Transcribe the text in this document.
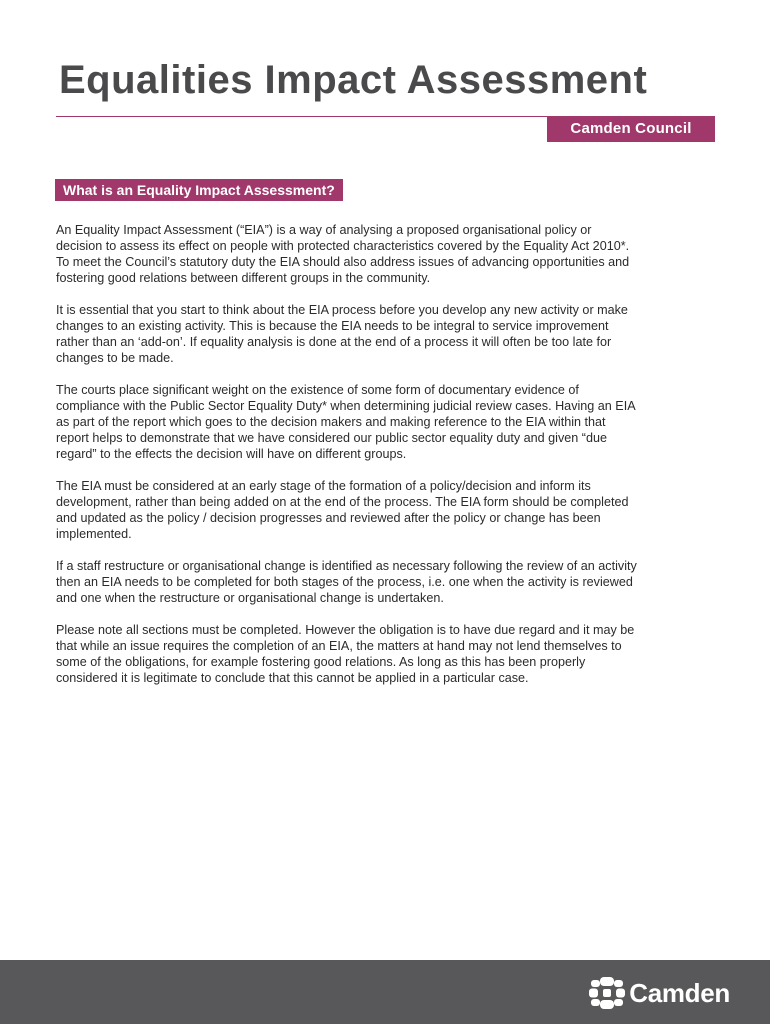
Equalities Impact Assessment
Camden Council
What is an Equality Impact Assessment?

An Equality Impact Assessment (“EIA”) is a way of analysing a proposed organisational policy or decision to assess its effect on people with protected characteristics covered by the Equality Act 2010*. To meet the Council’s statutory duty the EIA should also address issues of advancing opportunities and fostering good relations between different groups in the community.

It is essential that you start to think about the EIA process before you develop any new activity or make changes to an existing activity. This is because the EIA needs to be integral to service improvement rather than an ‘add-on’. If equality analysis is done at the end of a process it will often be too late for changes to be made.

The courts place significant weight on the existence of some form of documentary evidence of compliance with the Public Sector Equality Duty* when determining judicial review cases. Having an EIA as part of the report which goes to the decision makers and making reference to the EIA within that report helps to demonstrate that we have considered our public sector equality duty and given “due regard” to the effects the decision will have on different groups.

The EIA must be considered at an early stage of the formation of a policy/decision and inform its development, rather than being added on at the end of the process. The EIA form should be completed and updated as the policy / decision progresses and reviewed after the policy or change has been implemented.

If a staff restructure or organisational change is identified as necessary following the review of an activity then an EIA needs to be completed for both stages of the process, i.e. one when the activity is reviewed and one when the restructure or organisational change is undertaken.

Please note all sections must be completed. However the obligation is to have due regard and it may be that while an issue requires the completion of an EIA, the matters at hand may not lend themselves to some of the obligations, for example fostering good relations. As long as this has been properly considered it is legitimate to conclude that this cannot be applied in a particular case.

Camden
